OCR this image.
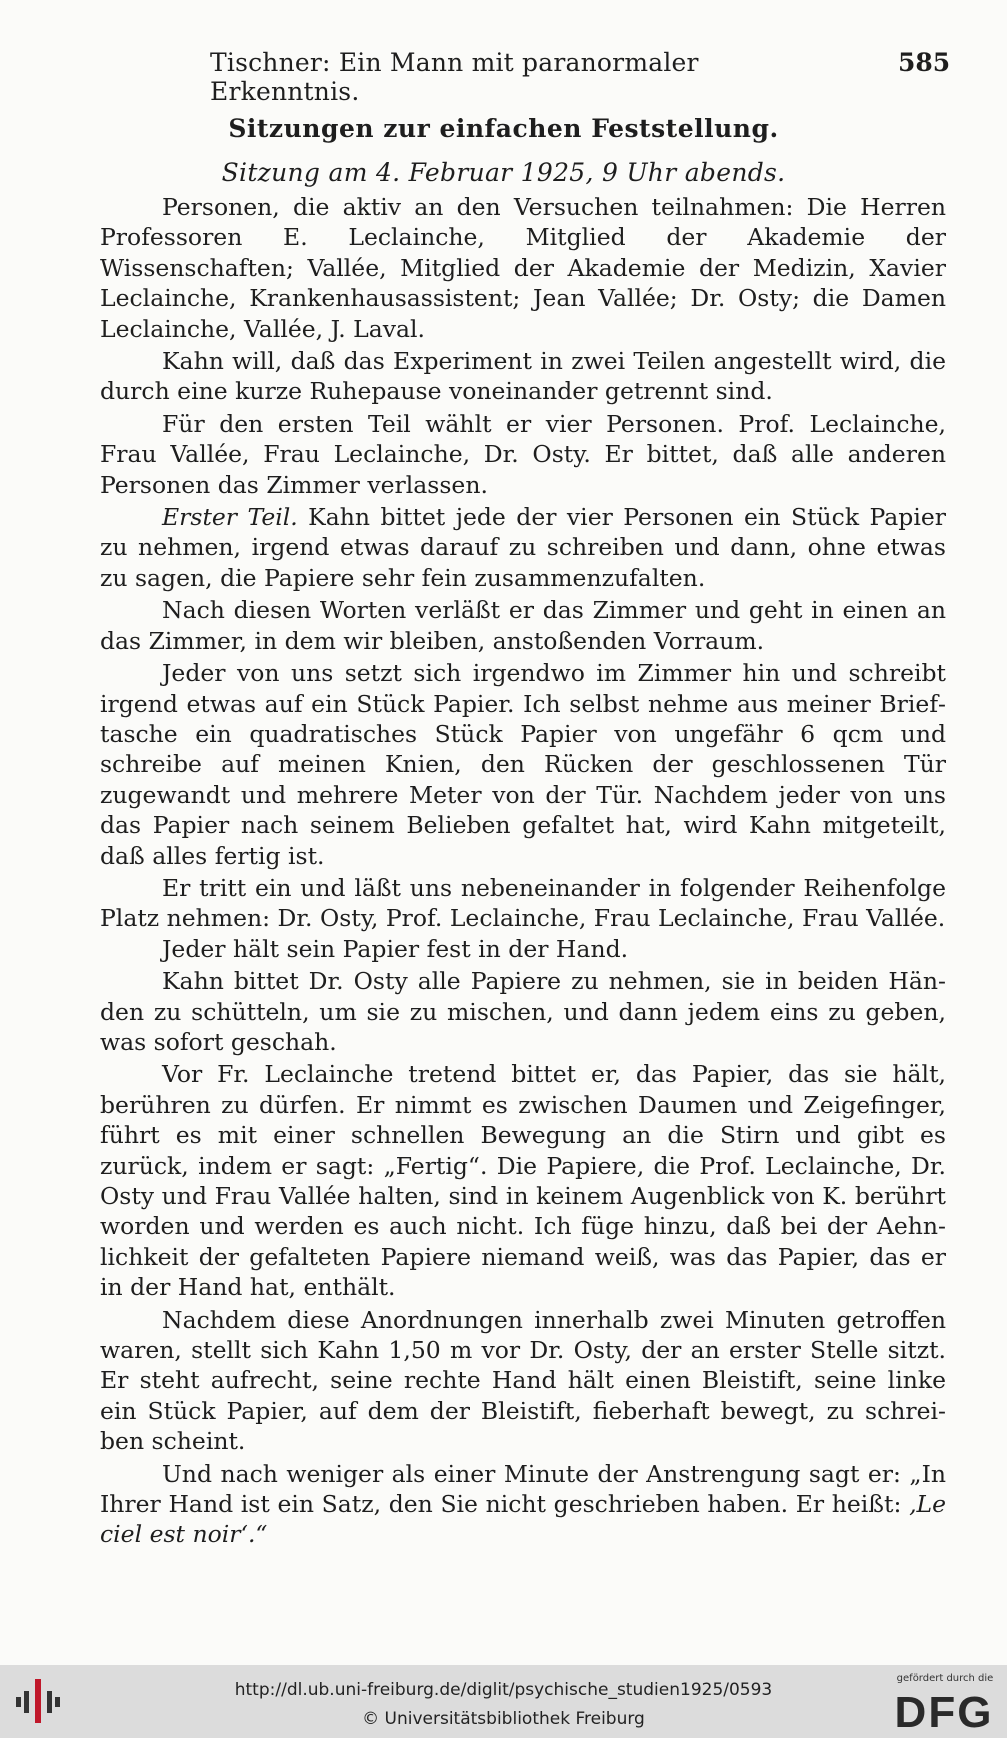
Tischner: Ein Mann mit paranormaler Erkenntnis.
585
Sitzungen zur einfachen Feststellung.
Sitzung am 4. Februar 1925, 9 Uhr abends.

Personen, die aktiv an den Versuchen teilnahmen: Die Herren Professoren E. Leclainche, Mitglied der Akademie der Wissenschaften; Vallée, Mitglied der Akademie der Medizin, Xavier Leclainche, Krankenhausassistent; Jean Vallée; Dr. Osty; die Damen Leclainche, Vallée, J. Laval.

Kahn will, daß das Experiment in zwei Teilen angestellt wird, die durch eine kurze Ruhepause voneinander getrennt sind.

Für den ersten Teil wählt er vier Personen. Prof. Leclainche, Frau Vallée, Frau Leclainche, Dr. Osty. Er bittet, daß alle anderen Personen das Zimmer verlassen.

Erster Teil. Kahn bittet jede der vier Personen ein Stück Papier zu nehmen, irgend etwas darauf zu schreiben und dann, ohne etwas zu sagen, die Papiere sehr fein zusammenzufalten.

Nach diesen Worten verläßt er das Zimmer und geht in einen an das Zimmer, in dem wir bleiben, anstoßenden Vorraum.

Jeder von uns setzt sich irgendwo im Zimmer hin und schreibt irgend etwas auf ein Stück Papier. Ich selbst nehme aus meiner Brieftasche ein quadratisches Stück Papier von ungefähr 6 qcm und schreibe auf meinen Knien, den Rücken der geschlossenen Tür zugewandt und mehrere Meter von der Tür. Nachdem jeder von uns das Papier nach seinem Belieben gefaltet hat, wird Kahn mitgeteilt, daß alles fertig ist.

Er tritt ein und läßt uns nebeneinander in folgender Reihenfolge Platz nehmen: Dr. Osty, Prof. Leclainche, Frau Leclainche, Frau Vallée.

Jeder hält sein Papier fest in der Hand.

Kahn bittet Dr. Osty alle Papiere zu nehmen, sie in beiden Händen zu schütteln, um sie zu mischen, und dann jedem eins zu geben, was sofort geschah.

Vor Fr. Leclainche tretend bittet er, das Papier, das sie hält, berühren zu dürfen. Er nimmt es zwischen Daumen und Zeigefinger, führt es mit einer schnellen Bewegung an die Stirn und gibt es zurück, indem er sagt: „Fertig“. Die Papiere, die Prof. Leclainche, Dr. Osty und Frau Vallée halten, sind in keinem Augenblick von K. berührt worden und werden es auch nicht. Ich füge hinzu, daß bei der Aehnlichkeit der gefalteten Papiere niemand weiß, was das Papier, das er in der Hand hat, enthält.

Nachdem diese Anordnungen innerhalb zwei Minuten getroffen waren, stellt sich Kahn 1,50 m vor Dr. Osty, der an erster Stelle sitzt. Er steht aufrecht, seine rechte Hand hält einen Bleistift, seine linke ein Stück Papier, auf dem der Bleistift, fieberhaft bewegt, zu schreiben scheint.

Und nach weniger als einer Minute der Anstrengung sagt er: „In Ihrer Hand ist ein Satz, den Sie nicht geschrieben haben. Er heißt: ‚Le ciel est noir‘.“

http://dl.ub.uni-freiburg.de/diglit/psychische_studien1925/0593
© Universitätsbibliothek Freiburg
gefördert durch die
DFG
